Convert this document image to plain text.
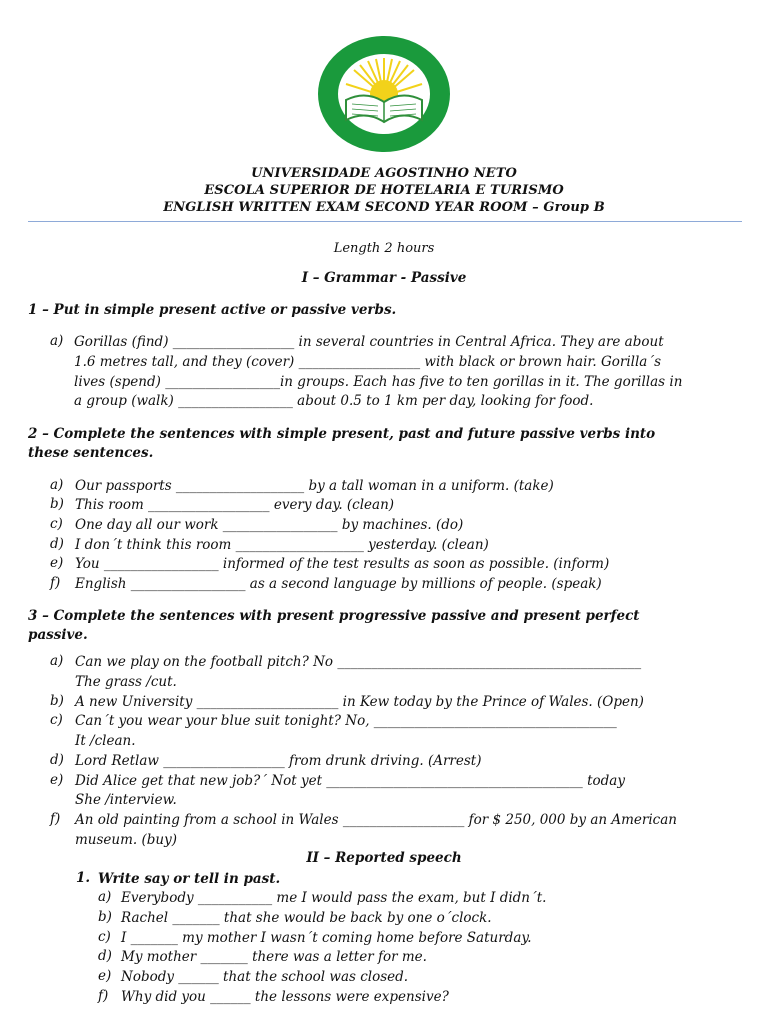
UNIVERSIDADE AGOSTINHO NETO
ESCOLA SUPERIOR DE HOTELARIA E TURISMO
ENGLISH WRITTEN EXAM SECOND YEAR ROOM – Group B
Length 2 hours
I – Grammar - Passive
1 – Put in simple present active or passive verbs.
a) Gorillas (find) __________________ in several countries in Central Africa. They are about
1.6 metres tall, and they (cover) __________________ with black or brown hair. Gorilla´s
lives (spend) _________________in groups. Each has five to ten gorillas in it. The gorillas in
a group (walk) _________________ about 0.5 to 1 km per day, looking for food.
2 – Complete the sentences with simple present, past and future passive verbs into
these sentences.
a) Our passports ___________________ by a tall woman in a uniform. (take)
b) This room __________________ every day. (clean)
c) One day all our work _________________ by machines. (do)
d) I don´t think this room ___________________ yesterday. (clean)
e) You _________________ informed of the test results as soon as possible. (inform)
f) English _________________ as a second language by millions of people. (speak)
3 – Complete the sentences with present progressive passive and present perfect
passive.
a) Can we play on the football pitch? No _____________________________________________
The grass /cut.
b) A new University _____________________ in Kew today by the Prince of Wales. (Open)
c) Can´t you wear your blue suit tonight? No, ____________________________________
It /clean.
d) Lord Retlaw __________________ from drunk driving. (Arrest)
e) Did Alice get that new job?´ Not yet ______________________________________ today
She /interview.
f) An old painting from a school in Wales __________________ for $ 250, 000 by an American
museum. (buy)
II – Reported speech
1. Write say or tell in past.
a) Everybody ___________ me I would pass the exam, but I didn´t.
b) Rachel _______ that she would be back by one o´clock.
c) I _______ my mother I wasn´t coming home before Saturday.
d) My mother _______ there was a letter for me.
e) Nobody ______ that the school was closed.
f) Why did you ______ the lessons were expensive?
